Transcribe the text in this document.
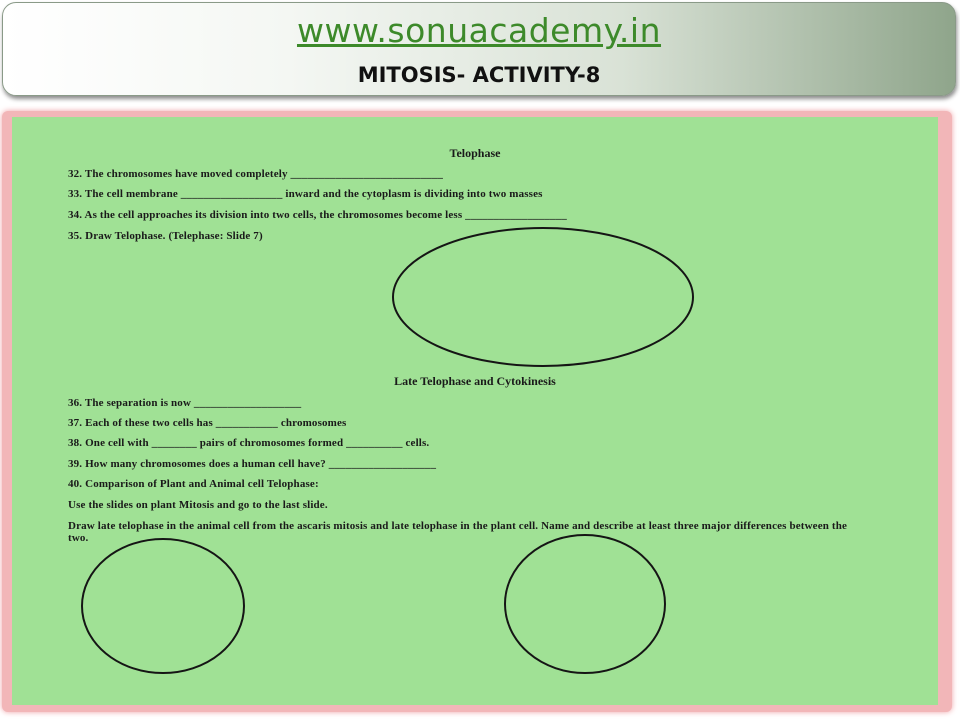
www.sonuacademy.in
MITOSIS- ACTIVITY-8
Telophase
32. The chromosomes have moved completely ___________________________
33. The cell membrane __________________ inward and the cytoplasm is dividing into two masses
34. As the cell approaches its division into two cells, the chromosomes become less __________________
35. Draw Telophase. (Telephase: Slide 7)
Late Telophase and Cytokinesis
36. The separation is now ___________________
37. Each of these two cells has ___________ chromosomes
38. One cell with ________ pairs of chromosomes formed __________ cells.
39. How many chromosomes does a human cell have? ___________________
40. Comparison of Plant and Animal cell Telophase:
Use the slides on plant Mitosis and go to the last slide.
Draw late telophase in the animal cell from the ascaris mitosis and late telophase in the plant cell. Name and describe at least three major differences between the two.
